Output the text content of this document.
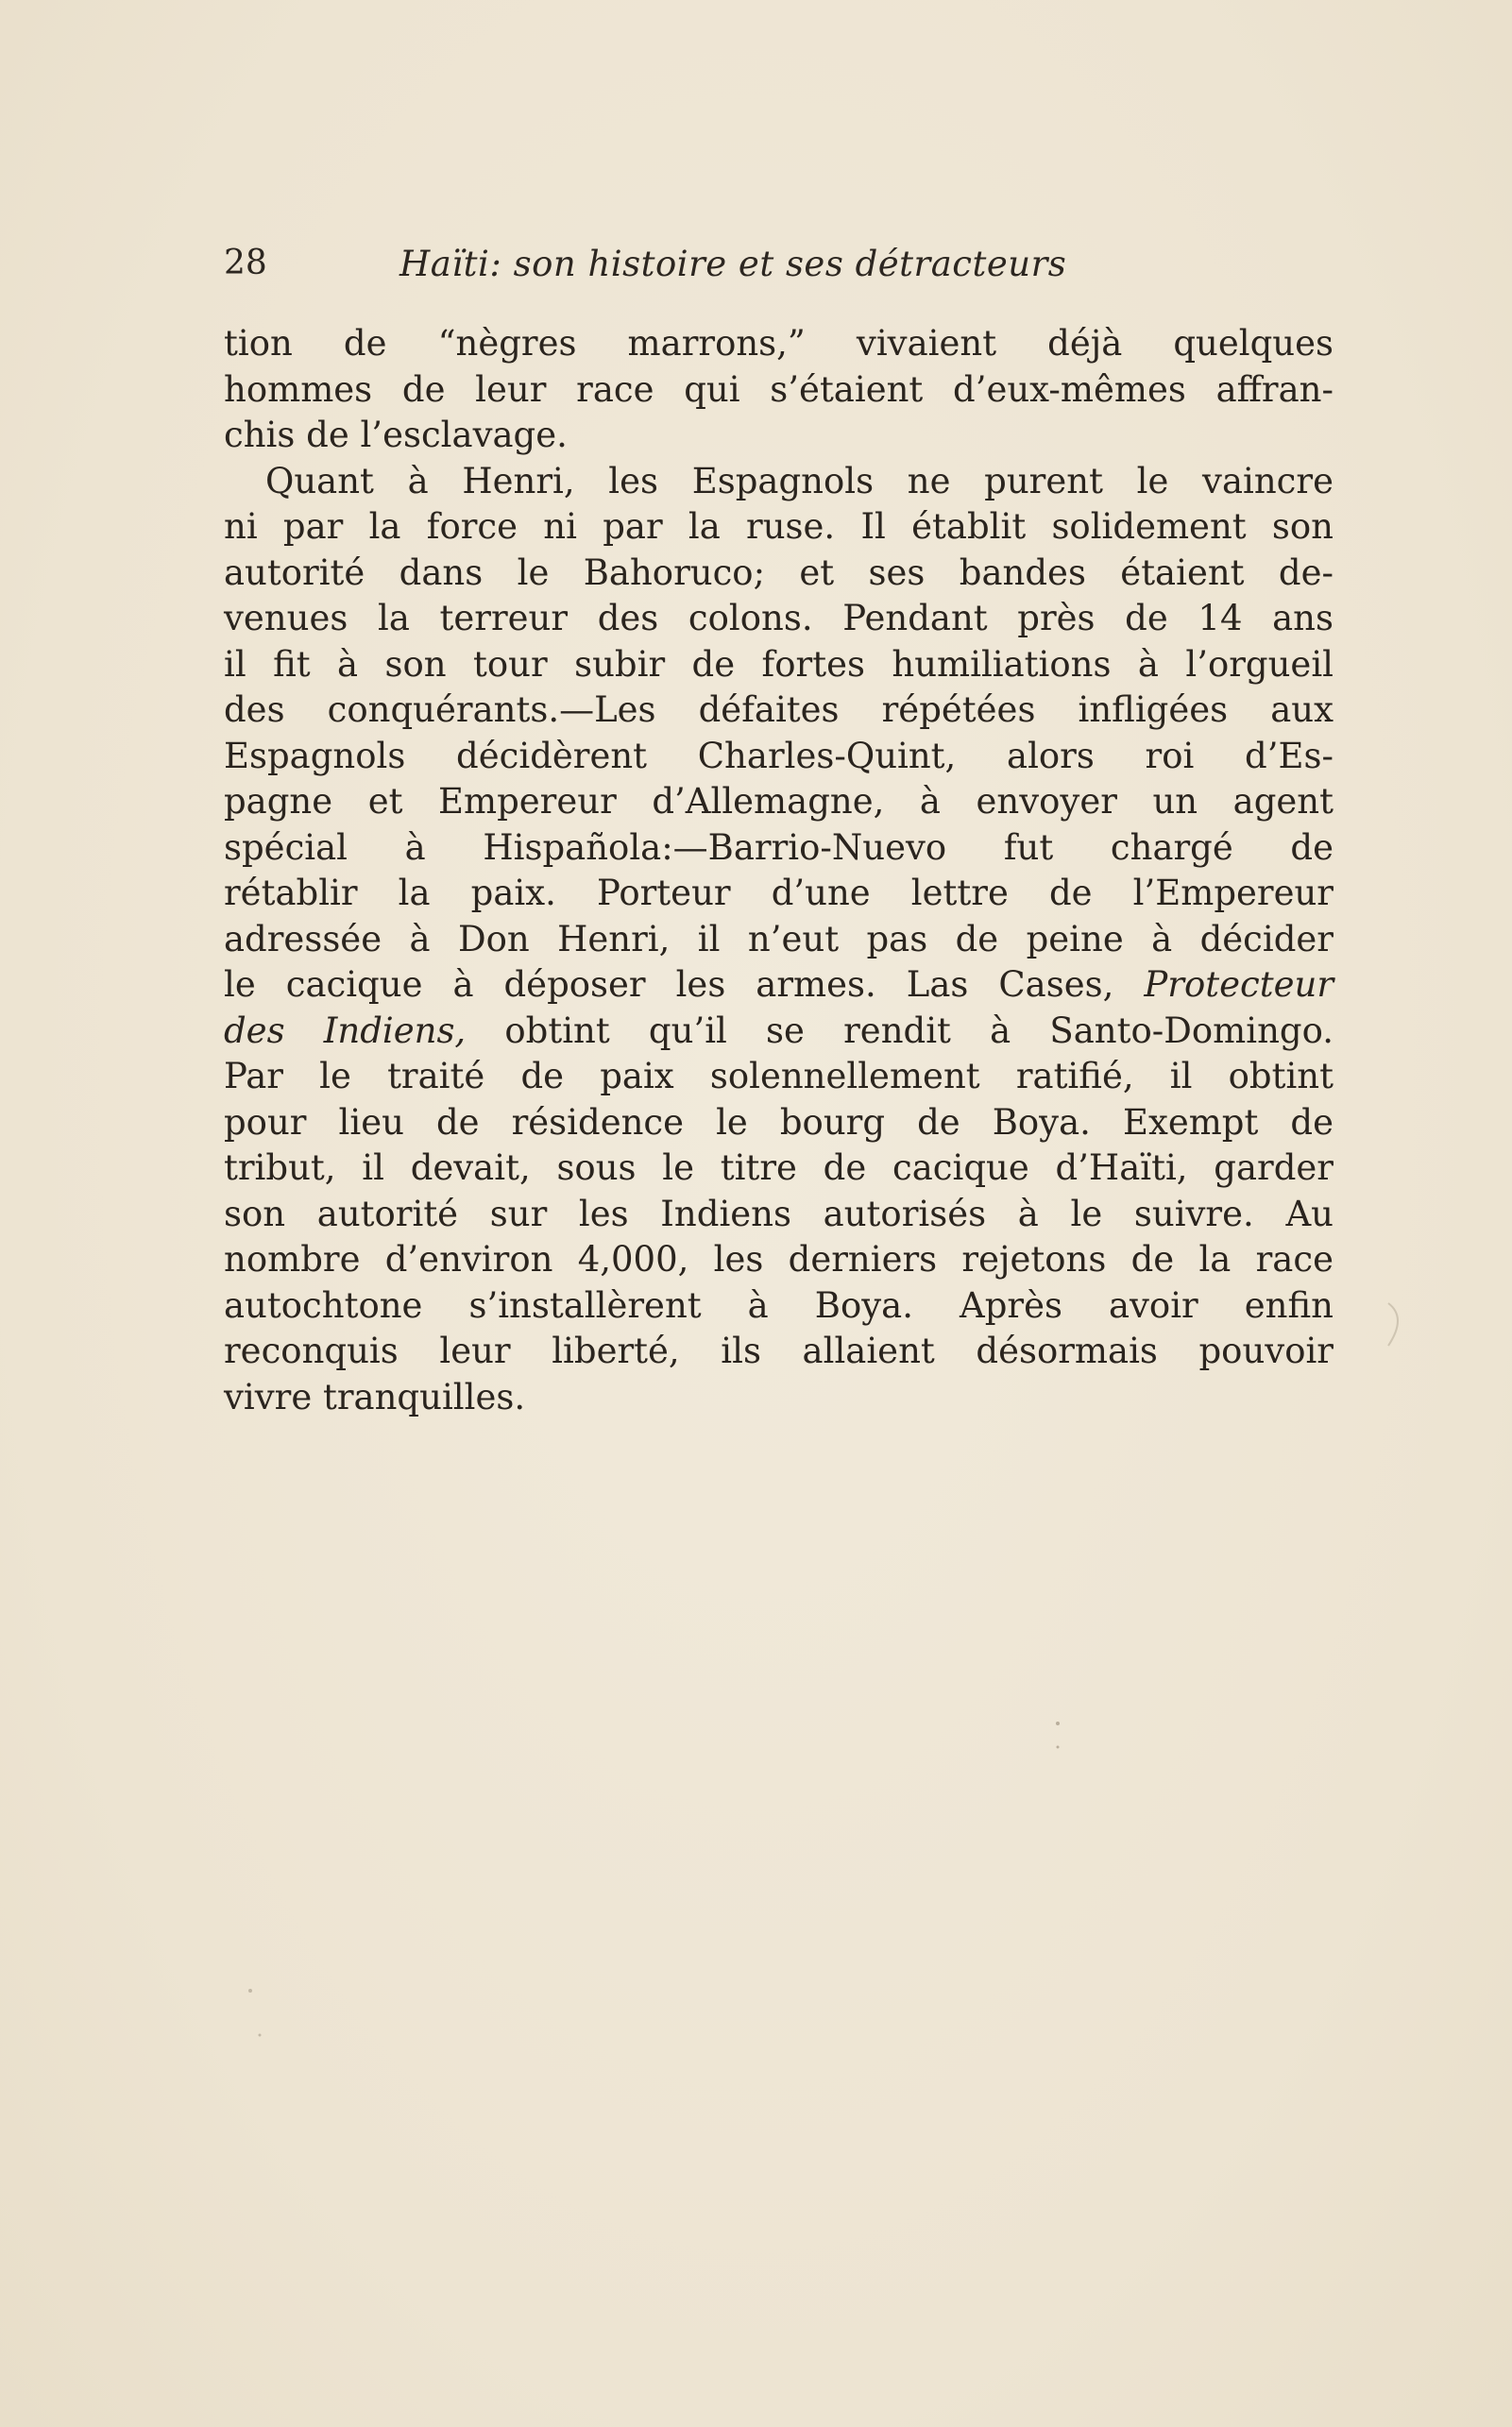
28	Haïti: son histoire et ses détracteurs
tion de “nègres marrons,” vivaient déjà quelques
hommes de leur race qui s’étaient d’eux-mêmes affran-
chis de l’esclavage.
Quant à Henri, les Espagnols ne purent le vaincre
ni par la force ni par la ruse. Il établit solidement son
autorité dans le Bahoruco; et ses bandes étaient de-
venues la terreur des colons. Pendant près de 14 ans
il fit à son tour subir de fortes humiliations à l’orgueil
des conquérants.—Les défaites répétées infligées aux
Espagnols décidèrent Charles-Quint, alors roi d’Es-
pagne et Empereur d’Allemagne, à envoyer un agent
spécial à Hispañola:—Barrio-Nuevo fut chargé de
rétablir la paix. Porteur d’une lettre de l’Empereur
adressée à Don Henri, il n’eut pas de peine à décider
le cacique à déposer les armes. Las Cases, Protecteur
des Indiens, obtint qu’il se rendit à Santo-Domingo.
Par le traité de paix solennellement ratifié, il obtint
pour lieu de résidence le bourg de Boya. Exempt de
tribut, il devait, sous le titre de cacique d’Haïti, garder
son autorité sur les Indiens autorisés à le suivre. Au
nombre d’environ 4,000, les derniers rejetons de la race
autochtone s’installèrent à Boya. Après avoir enfin
reconquis leur liberté, ils allaient désormais pouvoir
vivre tranquilles.
